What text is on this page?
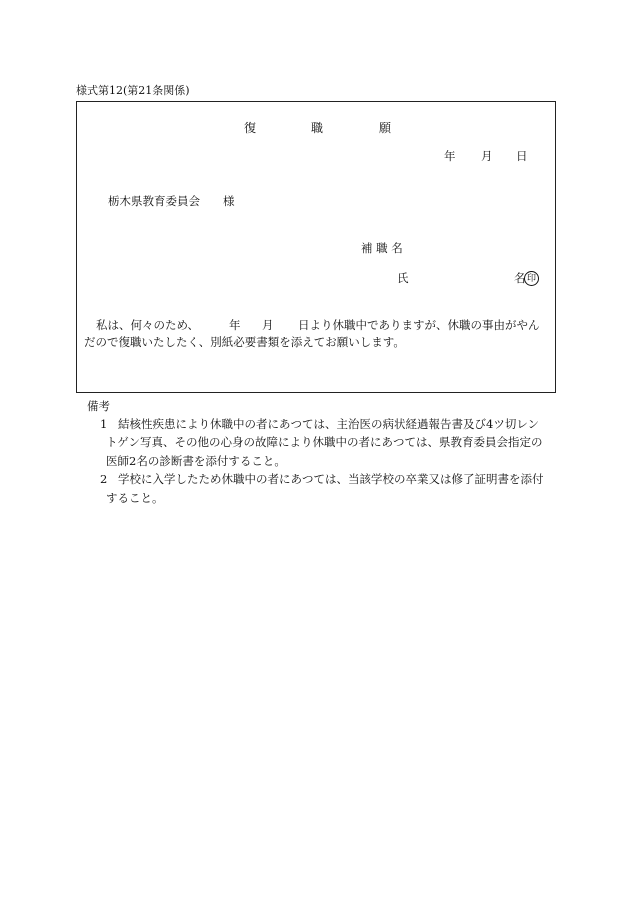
様式第12(第21条関係)
復	職	願
年 月 日
栃木県教育委員会　　様
補 職 名
氏	名 印
私は、何々のため、	年 月 日より休職中でありますが、休職の事由がやん
だので復職いたしたく、別紙必要書類を添えてお願いします。
備考
1 結核性疾患により休職中の者にあつては、主治医の病状経過報告書及び4ツ切レン
トゲン写真、その他の心身の故障により休職中の者にあつては、県教育委員会指定の
医師2名の診断書を添付すること。
2 学校に入学したため休職中の者にあつては、当該学校の卒業又は修了証明書を添付
すること。
